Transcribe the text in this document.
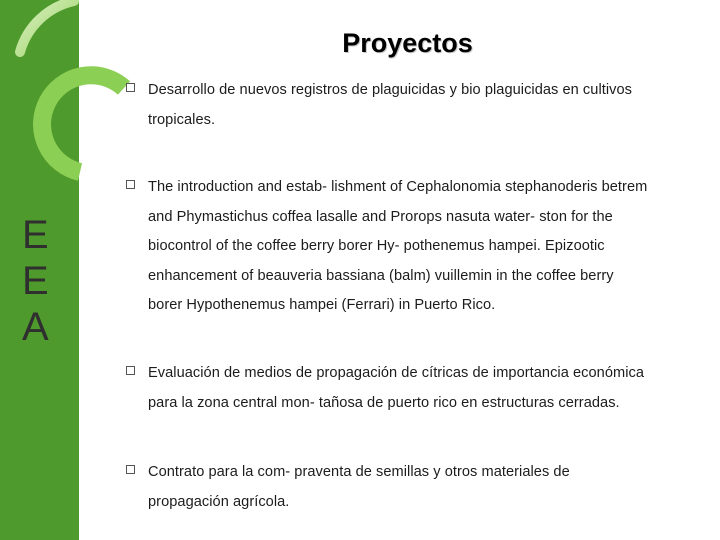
E
E
A
Proyectos

Desarrollo de nuevos registros de plaguicidas y bio plaguicidas en cultivos
tropicales.

The introduction and estab- lishment of Cephalonomia stephanoderis betrem
and Phymastichus coffea lasalle and Prorops nasuta water- ston for the
biocontrol of the coffee berry borer Hy- pothenemus hampei. Epizootic
enhancement of beauveria bassiana (balm) vuillemin in the coffee berry
borer Hypothenemus hampei (Ferrari) in Puerto Rico.

Evaluación de medios de propagación de cítricas de importancia económica
para la zona central mon- tañosa de puerto rico en estructuras cerradas.

Contrato para la com- praventa de semillas y otros materiales de
propagación agrícola.
